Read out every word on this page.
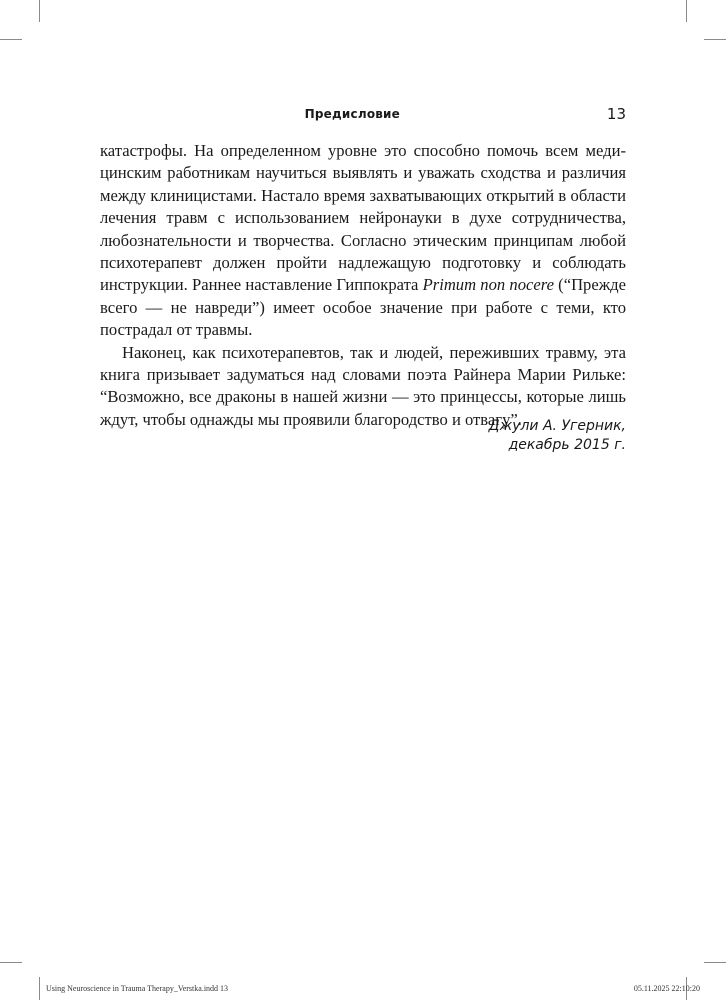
Предисловие	13

катастрофы. На определенном уровне это способно помочь всем медицинским работникам научиться выявлять и уважать сходства и различия между клиницистами. Настало время захватывающих открытий в области лечения травм с использованием нейронауки в духе сотрудничества, любознательности и творчества. Согласно этическим принципам любой психотерапевт должен пройти надлежащую подготовку и соблюдать инструкции. Раннее наставление Гиппократа Primum non nocere (“Прежде всего — не навреди”) имеет особое значение при работе с теми, кто пострадал от травмы.

Наконец, как психотерапевтов, так и людей, переживших травму, эта книга призывает задуматься над словами поэта Райнера Марии Рильке: “Возможно, все драконы в нашей жизни — это принцессы, которые лишь ждут, чтобы однажды мы проявили благородство и отвагу”.

Джули А. Угерник,
декабрь 2015 г.
Using Neuroscience in Trauma Therapy_Verstka.indd 13	05.11.2025 22:10:20
